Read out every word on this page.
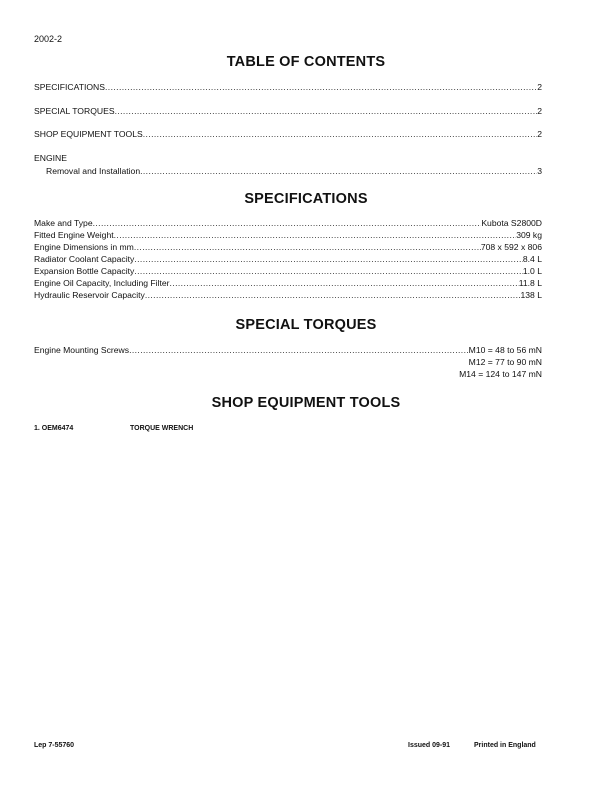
2002-2
TABLE OF CONTENTS
SPECIFICATIONS .....	2
SPECIAL TORQUES .....	2
SHOP EQUIPMENT TOOLS .....	2
ENGINE
Removal and Installation .....	3
SPECIFICATIONS
Make and Type .....	Kubota S2800D
Fitted Engine Weight .....	309 kg
Engine Dimensions in mm .....	708 x 592 x 806
Radiator Coolant Capacity .....	8.4 L
Expansion Bottle Capacity .....	1.0 L
Engine Oil Capacity, Including Filter .....	11.8 L
Hydraulic Reservoir Capacity .....	138 L
SPECIAL TORQUES
Engine Mounting Screws .....	M10 = 48 to 56 mN
M12 = 77 to 90 mN
M14 = 124 to 147 mN
SHOP EQUIPMENT TOOLS
1. OEM6474	TORQUE WRENCH
Lep 7-55760	Issued 09-91	Printed in England
